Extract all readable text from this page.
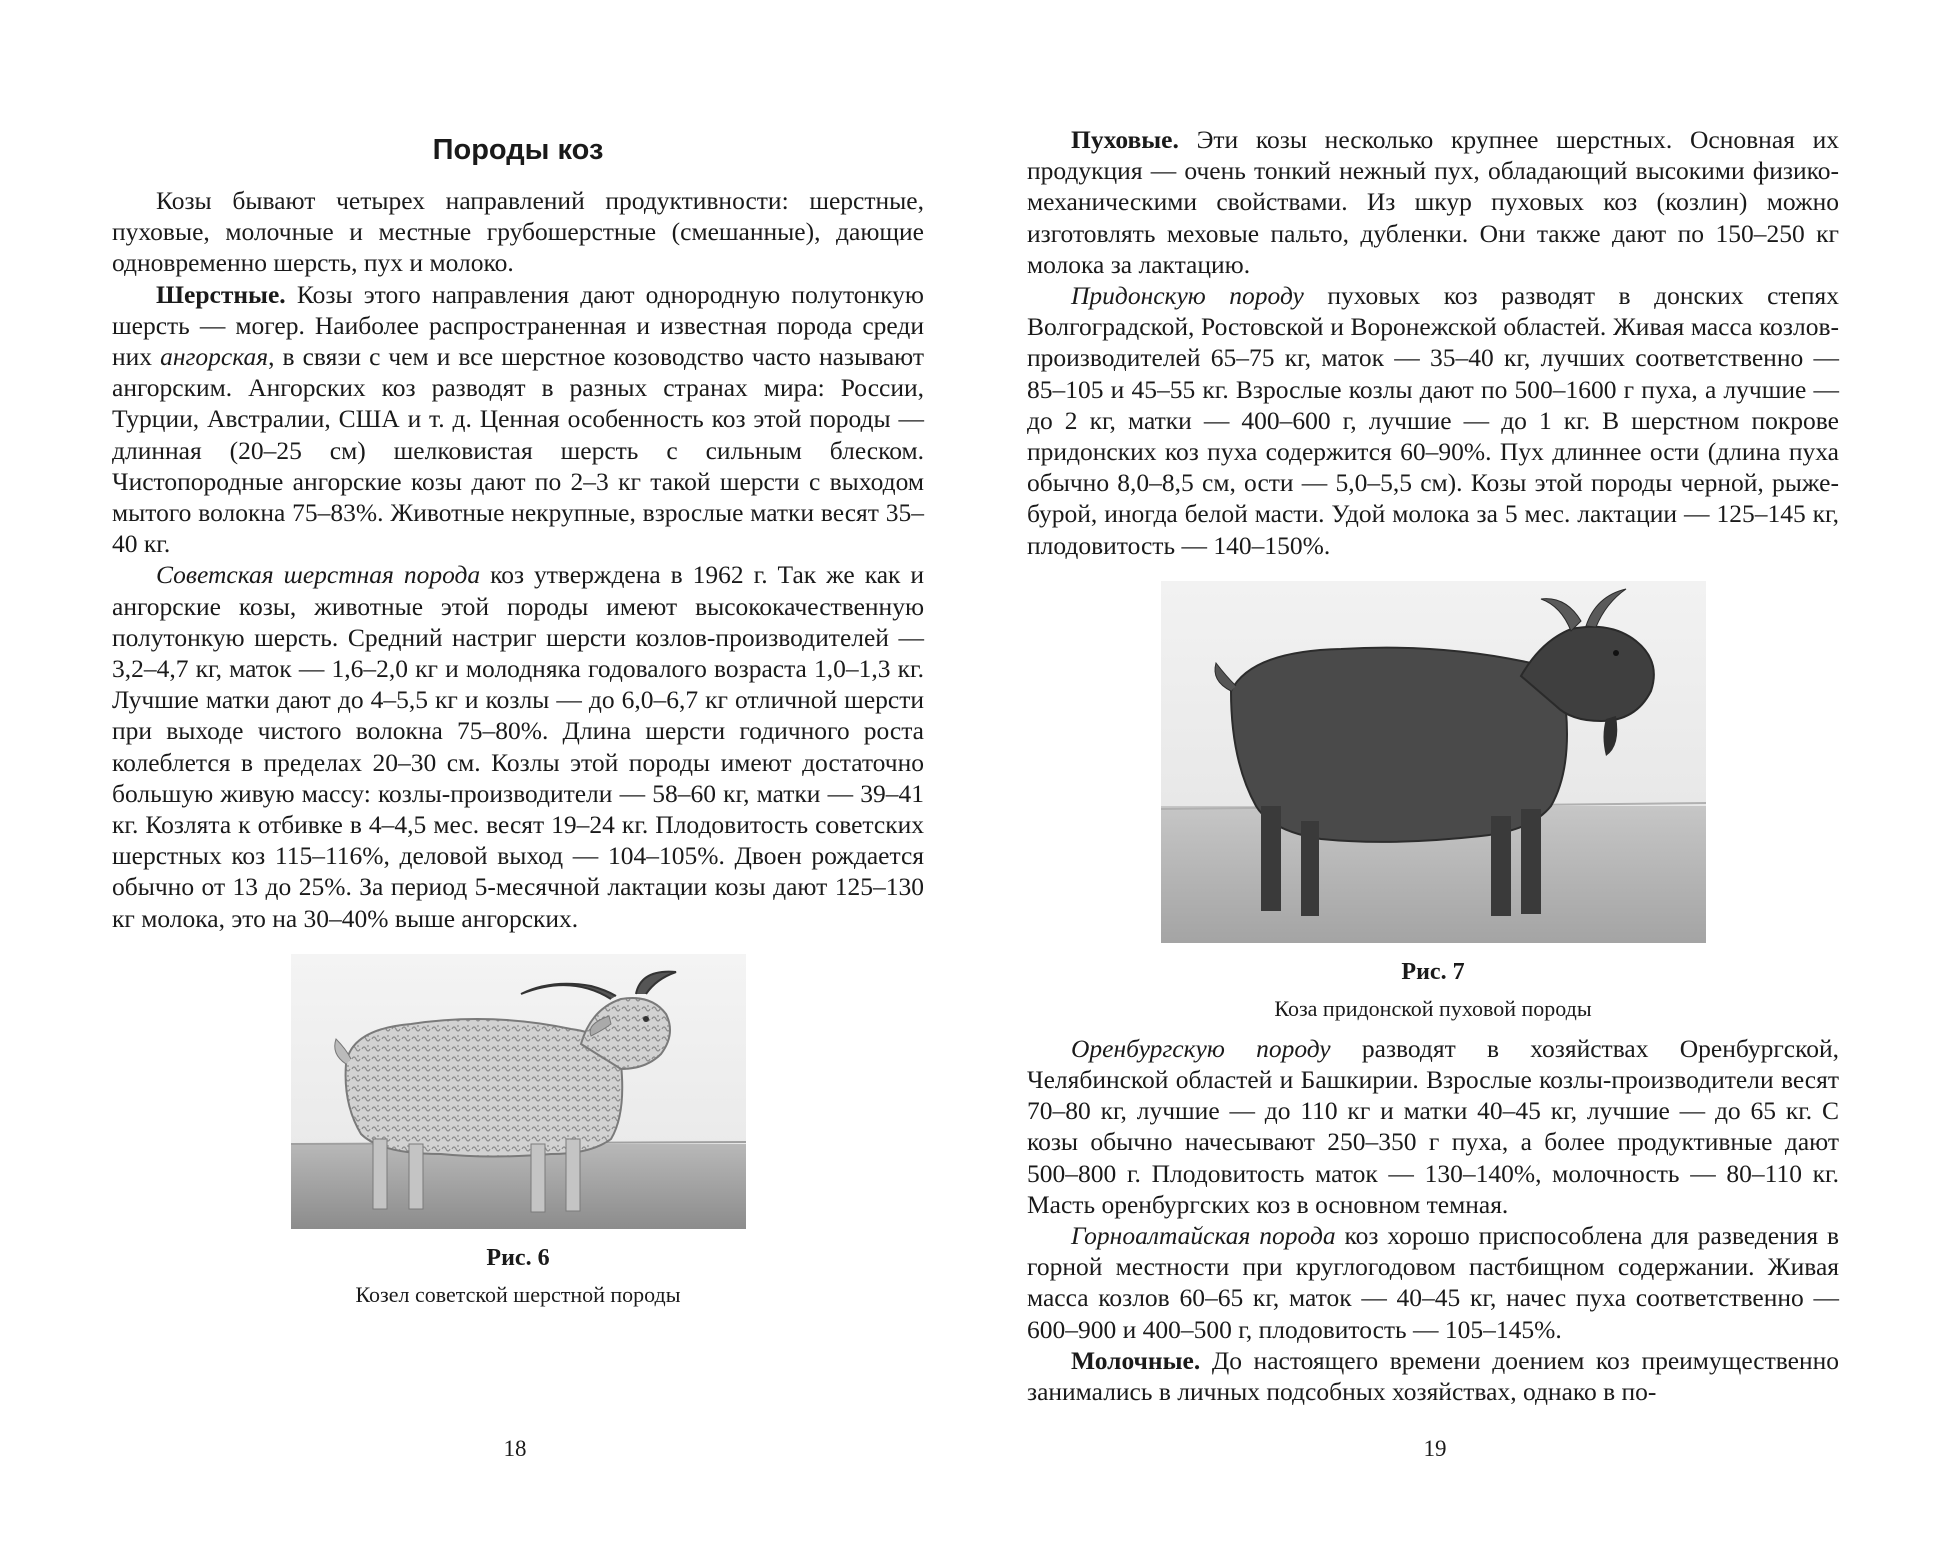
Породы коз

Козы бывают четырех направлений продуктивности: шерстные, пуховые, молочные и местные грубошерстные (смешанные), дающие одновременно шерсть, пух и молоко.

Шерстные. Козы этого направления дают однородную полутонкую шерсть — могер. Наиболее распространенная и известная порода среди них ангорская, в связи с чем и все шерстное козоводство часто называют ангорским. Ангорских коз разводят в разных странах мира: России, Турции, Австралии, США и т. д. Ценная особенность коз этой породы — длинная (20–25 см) шелковистая шерсть с сильным блеском. Чистопородные ангорские козы дают по 2–3 кг такой шерсти с выходом мытого волокна 75–83%. Животные некрупные, взрослые матки весят 35–40 кг.

Советская шерстная порода коз утверждена в 1962 г. Так же как и ангорские козы, животные этой породы имеют высококачественную полутонкую шерсть. Средний настриг шерсти козлов-производителей — 3,2–4,7 кг, маток — 1,6–2,0 кг и молодняка годовалого возраста 1,0–1,3 кг. Лучшие матки дают до 4–5,5 кг и козлы — до 6,0–6,7 кг отличной шерсти при выходе чистого волокна 75–80%. Длина шерсти годичного роста колеблется в пределах 20–30 см. Козлы этой породы имеют достаточно большую живую массу: козлы-производители — 58–60 кг, матки — 39–41 кг. Козлята к отбивке в 4–4,5 мес. весят 19–24 кг. Плодовитость советских шерстных коз 115–116%, деловой выход — 104–105%. Двоен рождается обычно от 13 до 25%. За период 5-месячной лактации козы дают 125–130 кг молока, это на 30–40% выше ангорских.

Рис. 6
Козел советской шерстной породы
18

Пуховые. Эти козы несколько крупнее шерстных. Основная их продукция — очень тонкий нежный пух, обладающий высокими физико-механическими свойствами. Из шкур пуховых коз (козлин) можно изготовлять меховые пальто, дубленки. Они также дают по 150–250 кг молока за лактацию.

Придонскую породу пуховых коз разводят в донских степях Волгоградской, Ростовской и Воронежской областей. Живая масса козлов-производителей 65–75 кг, маток — 35–40 кг, лучших соответственно — 85–105 и 45–55 кг. Взрослые козлы дают по 500–1600 г пуха, а лучшие — до 2 кг, матки — 400–600 г, лучшие — до 1 кг. В шерстном покрове придонских коз пуха содержится 60–90%. Пух длиннее ости (длина пуха обычно 8,0–8,5 см, ости — 5,0–5,5 см). Козы этой породы черной, рыже-бурой, иногда белой масти. Удой молока за 5 мес. лактации — 125–145 кг, плодовитость — 140–150%.

Рис. 7
Коза придонской пуховой породы

Оренбургскую породу разводят в хозяйствах Оренбургской, Челябинской областей и Башкирии. Взрослые козлы-производители весят 70–80 кг, лучшие — до 110 кг и матки 40–45 кг, лучшие — до 65 кг. С козы обычно начесывают 250–350 г пуха, а более продуктивные дают 500–800 г. Плодовитость маток — 130–140%, молочность — 80–110 кг. Масть оренбургских коз в основном темная.

Горноалтайская порода коз хорошо приспособлена для разведения в горной местности при круглогодовом пастбищном содержании. Живая масса козлов 60–65 кг, маток — 40–45 кг, начес пуха соответственно — 600–900 и 400–500 г, плодовитость — 105–145%.

Молочные. До настоящего времени доением коз преимущественно занимались в личных подсобных хозяйствах, однако в по-

19
